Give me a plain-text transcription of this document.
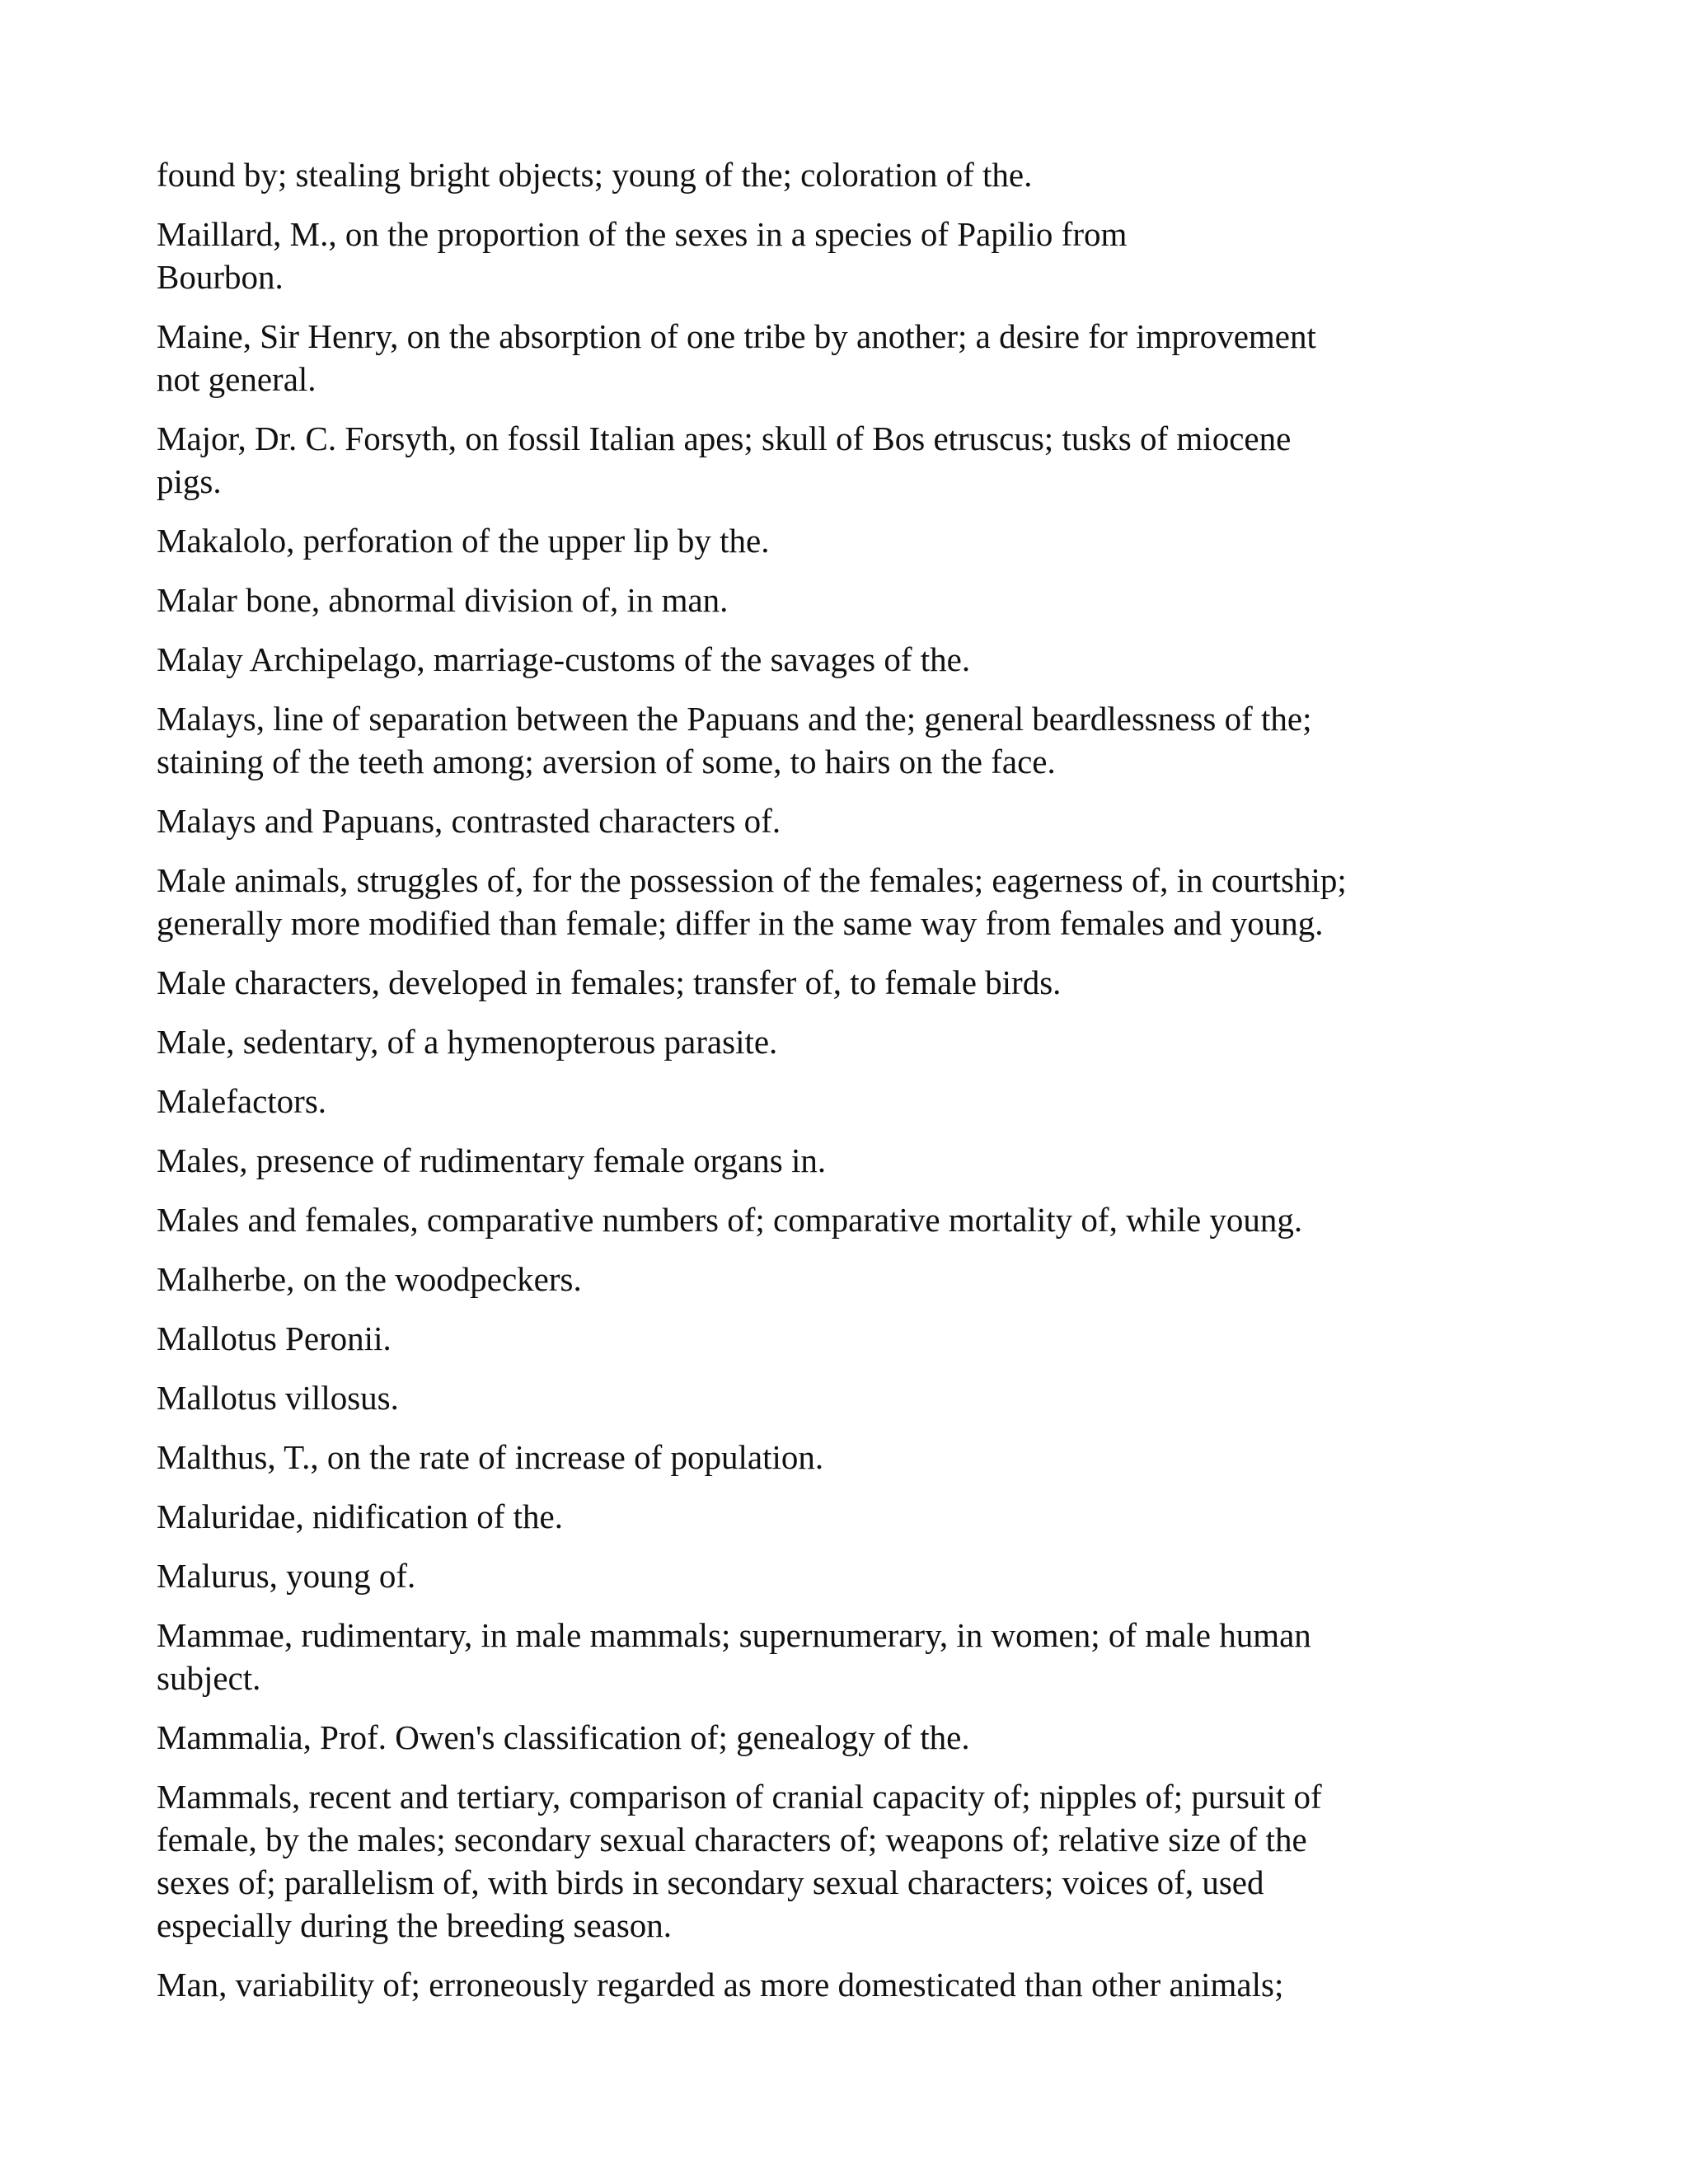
found by; stealing bright objects; young of the; coloration of the.

Maillard, M., on the proportion of the sexes in a species of Papilio from
Bourbon.

Maine, Sir Henry, on the absorption of one tribe by another; a desire for improvement
not general.

Major, Dr. C. Forsyth, on fossil Italian apes; skull of Bos etruscus; tusks of miocene
pigs.

Makalolo, perforation of the upper lip by the.

Malar bone, abnormal division of, in man.

Malay Archipelago, marriage-customs of the savages of the.

Malays, line of separation between the Papuans and the; general beardlessness of the;
staining of the teeth among; aversion of some, to hairs on the face.

Malays and Papuans, contrasted characters of.

Male animals, struggles of, for the possession of the females; eagerness of, in courtship;
generally more modified than female; differ in the same way from females and young.

Male characters, developed in females; transfer of, to female birds.

Male, sedentary, of a hymenopterous parasite.

Malefactors.

Males, presence of rudimentary female organs in.

Males and females, comparative numbers of; comparative mortality of, while young.

Malherbe, on the woodpeckers.

Mallotus Peronii.

Mallotus villosus.

Malthus, T., on the rate of increase of population.

Maluridae, nidification of the.

Malurus, young of.

Mammae, rudimentary, in male mammals; supernumerary, in women; of male human
subject.

Mammalia, Prof. Owen's classification of; genealogy of the.

Mammals, recent and tertiary, comparison of cranial capacity of; nipples of; pursuit of
female, by the males; secondary sexual characters of; weapons of; relative size of the
sexes of; parallelism of, with birds in secondary sexual characters; voices of, used
especially during the breeding season.

Man, variability of; erroneously regarded as more domesticated than other animals;
